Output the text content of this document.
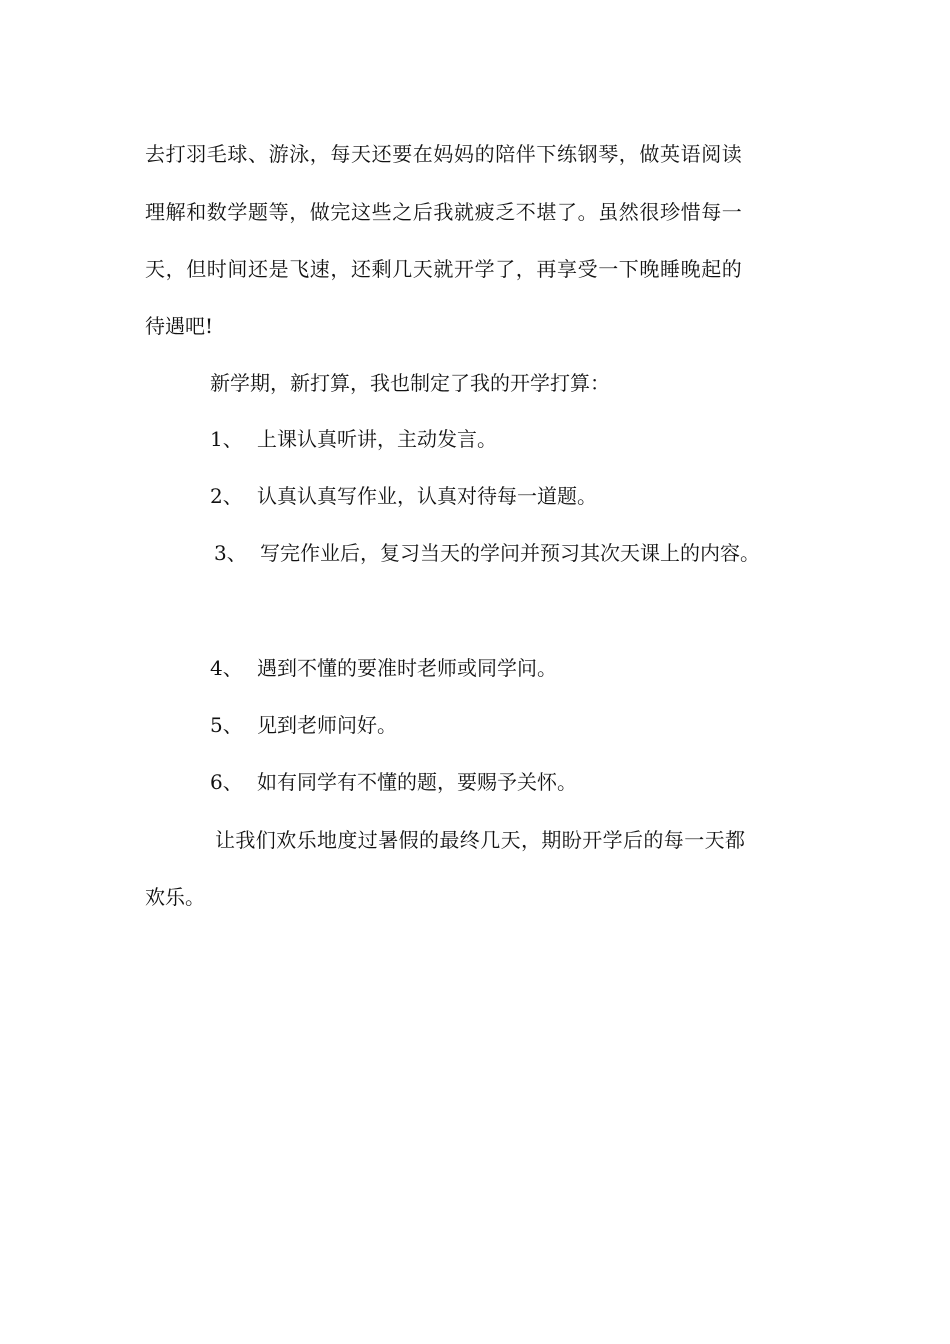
去打羽毛球、游泳，每天还要在妈妈的陪伴下练钢琴，做英语阅读
理解和数学题等，做完这些之后我就疲乏不堪了。虽然很珍惜每一
天，但时间还是飞速，还剩几天就开学了，再享受一下晚睡晚起的
待遇吧!
新学期，新打算，我也制定了我的开学打算：
1、 上课认真听讲，主动发言。
2、 认真认真写作业，认真对待每一道题。
3、 写完作业后，复习当天的学问并预习其次天课上的内容。
4、 遇到不懂的要准时老师或同学问。
5、 见到老师问好。
6、 如有同学有不懂的题，要赐予关怀。
让我们欢乐地度过暑假的最终几天，期盼开学后的每一天都
欢乐。
